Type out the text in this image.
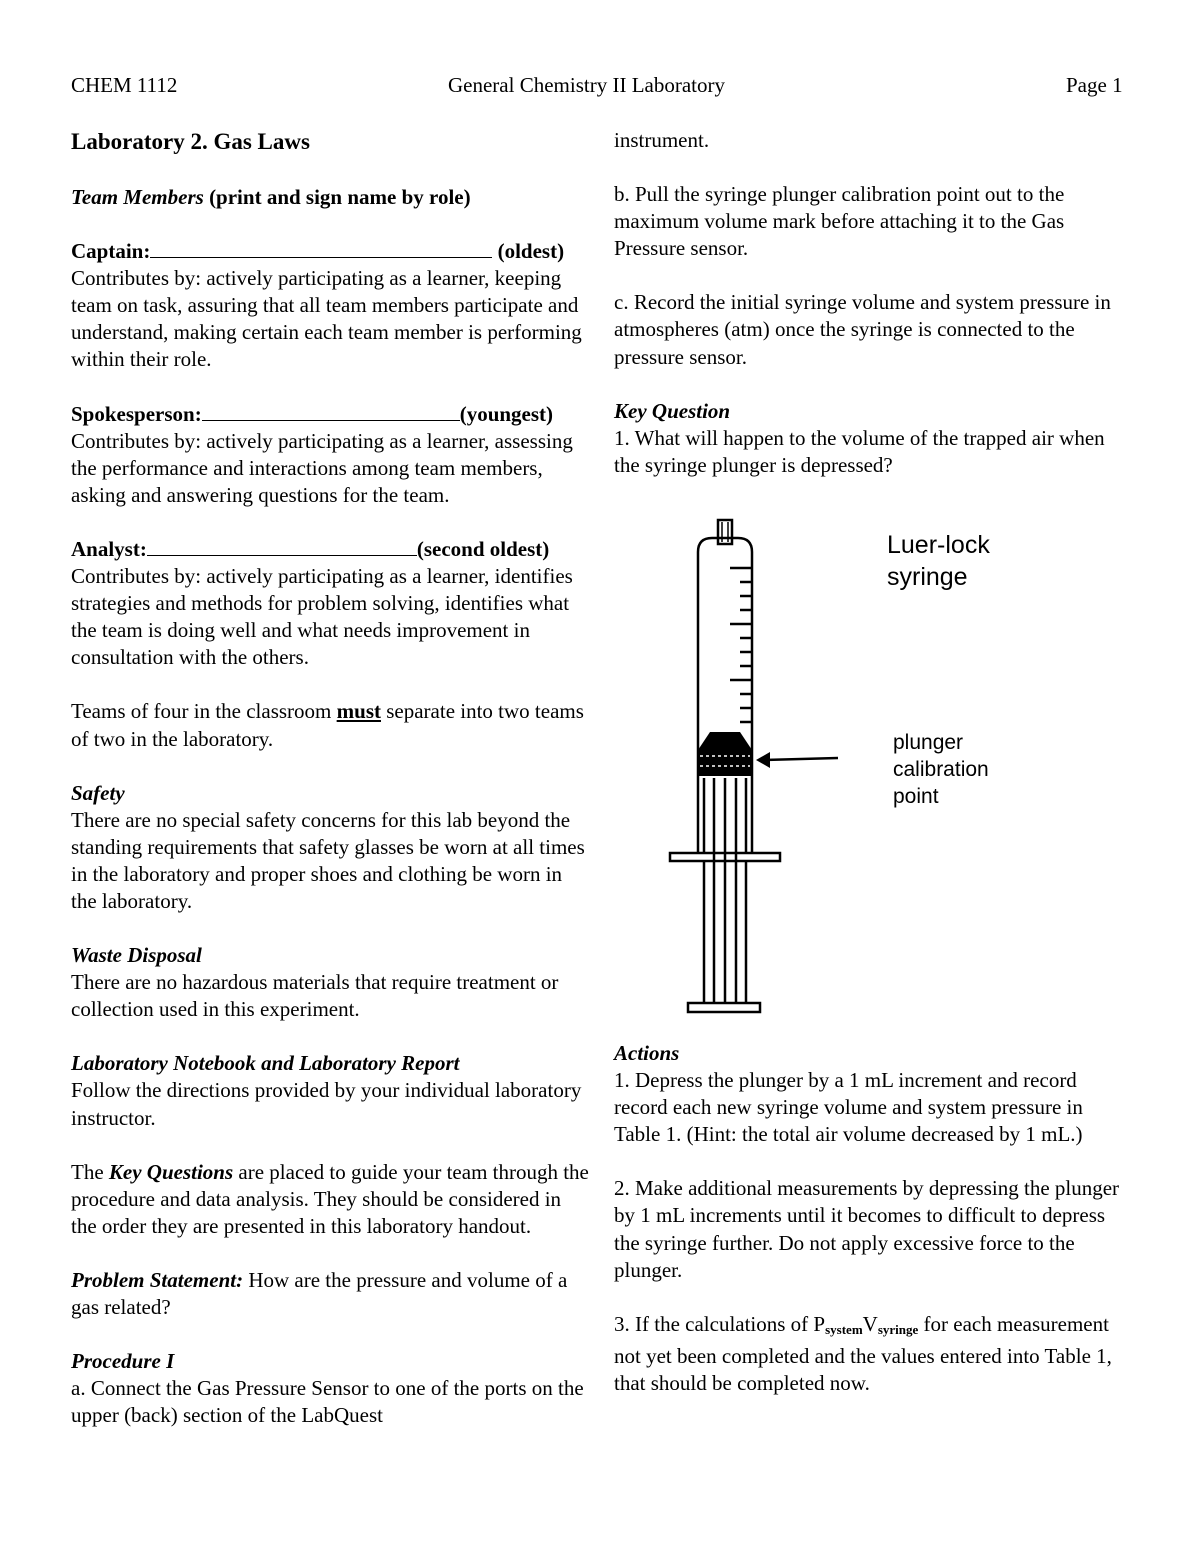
CHEM 1112	General Chemistry II Laboratory	Page 1

Laboratory 2. Gas Laws

Team Members (print and sign name by role)

Captain:	(oldest)

Contributes by: actively participating as a learner, keeping team on task, assuring that all team members participate and understand, making certain each team member is performing within their role.

Spokesperson:	(youngest)

Contributes by: actively participating as a learner, assessing the performance and interactions among team members, asking and answering questions for the team.

Analyst:	(second oldest)

Contributes by: actively participating as a learner, identifies strategies and methods for problem solving, identifies what the team is doing well and what needs improvement in consultation with the others.

Teams of four in the classroom must separate into two teams of two in the laboratory.

Safety

There are no special safety concerns for this lab beyond the standing requirements that safety glasses be worn at all times in the laboratory and proper shoes and clothing be worn in the laboratory.

Waste Disposal

There are no hazardous materials that require treatment or collection used in this experiment.

Laboratory Notebook and Laboratory Report

Follow the directions provided by your individual laboratory instructor.

The Key Questions are placed to guide your team through the procedure and data analysis. They should be considered in the order they are presented in this laboratory handout.

Problem Statement: How are the pressure and volume of a gas related?

Procedure I

a. Connect the Gas Pressure Sensor to one of the ports on the upper (back) section of the LabQuest

instrument.

b. Pull the syringe plunger calibration point out to the maximum volume mark before attaching it to the Gas Pressure sensor.

c. Record the initial syringe volume and system pressure in atmospheres (atm) once the syringe is connected to the pressure sensor.

Key Question

1. What will happen to the volume of the trapped air when the syringe plunger is depressed?

Luer-lock
syringe
plunger
calibration
point

Actions

1. Depress the plunger by a 1 mL increment and record record each new syringe volume and system pressure in Table 1. (Hint: the total air volume decreased by 1 mL.)

2. Make additional measurements by depressing the plunger by 1 mL increments until it becomes to difficult to depress the syringe further. Do not apply excessive force to the plunger.

3. If the calculations of $P_{system}V_{syringe}$ for each measurement not yet been completed and the values entered into Table 1, that should be completed now.
